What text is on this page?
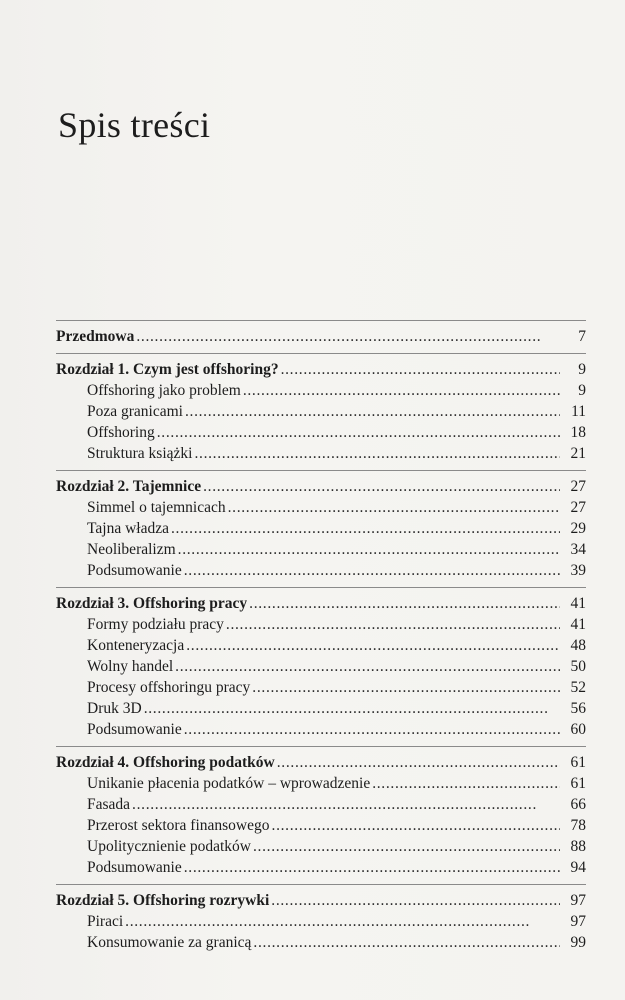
Spis treści
Przedmowa . . .	7
Rozdział 1. Czym jest offshoring? . . .	9
Offshoring jako problem . . .	9
Poza granicami . . .	11
Offshoring . . .	18
Struktura książki . . .	21
Rozdział 2. Tajemnice . . .	27
Simmel o tajemnicach . . .	27
Tajna władza . . .	29
Neoliberalizm . . .	34
Podsumowanie . . .	39
Rozdział 3. Offshoring pracy . . .	41
Formy podziału pracy . . .	41
Konteneryzacja . . .	48
Wolny handel . . .	50
Procesy offshoringu pracy . . .	52
Druk 3D . . .	56
Podsumowanie . . .	60
Rozdział 4. Offshoring podatków . . .	61
Unikanie płacenia podatków – wprowadzenie . . .	61
Fasada . . .	66
Przerost sektora finansowego . . .	78
Upolitycznienie podatków . . .	88
Podsumowanie . . .	94
Rozdział 5. Offshoring rozrywki . . .	97
Piraci . . .	97
Konsumowanie za granicą . . .	99
